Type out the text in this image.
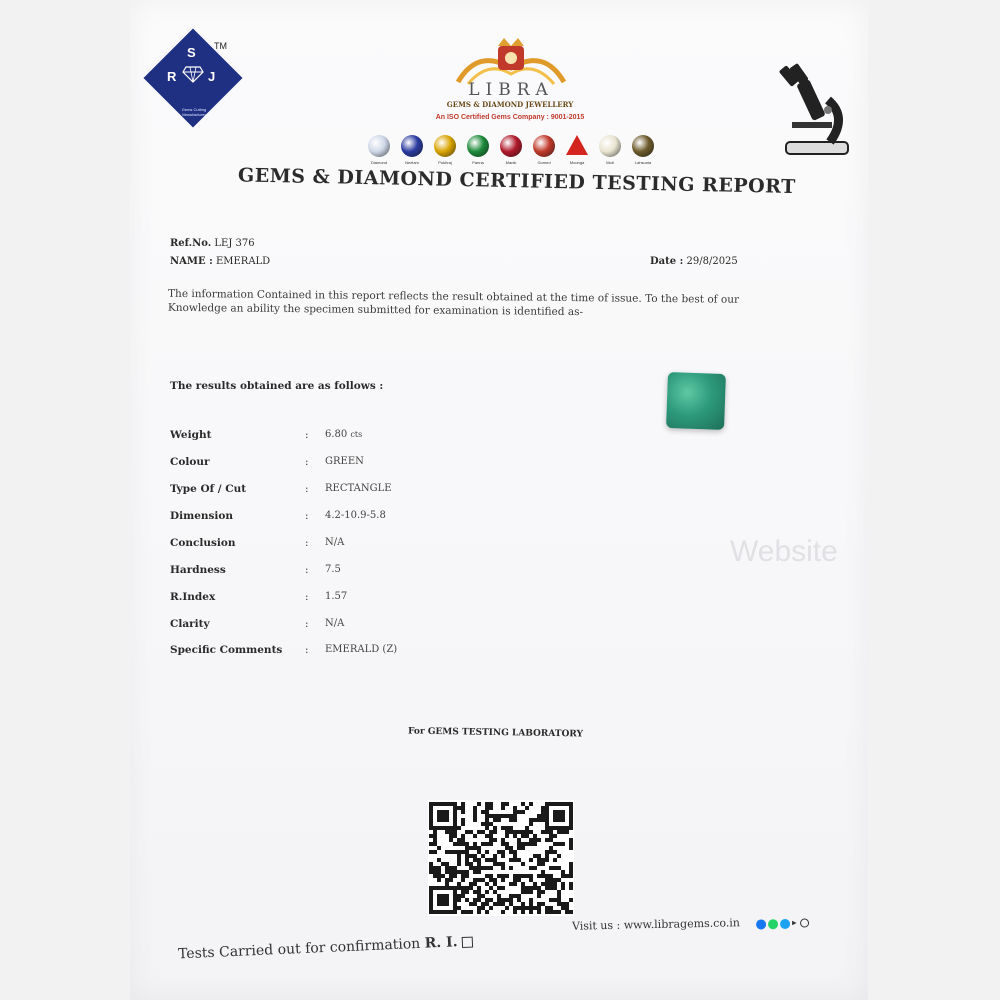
S
R J
Gems Cutting Manufacturer
TM
LIBRA
GEMS & DIAMOND JEWELLERY
An ISO Certified Gems Company : 9001-2015
Diamond	Neelam	Pukhraj	Panna	Manik	Gomed	Moonga	Moti	Lahsunia
GEMS & DIAMOND CERTIFIED TESTING REPORT
Ref.No. LEJ 376
NAME : EMERALD	Date : 29/8/2025
The information Contained in this report reflects the result obtained at the time of issue. To the best of our Knowledge an ability the specimen submitted for examination is identified as-
The results obtained are as follows :
Website
Weight	: 6.80 cts
Colour	: GREEN
Type Of / Cut	: RECTANGLE
Dimension	: 4.2-10.9-5.8
Conclusion	: N/A
Hardness	: 7.5
R.Index	: 1.57
Clarity	: N/A
Specific Comments : EMERALD (Z)
For GEMS TESTING LABORATORY
Visit us : www.libragems.co.in	▸
Tests Carried out for confirmation R. I.
